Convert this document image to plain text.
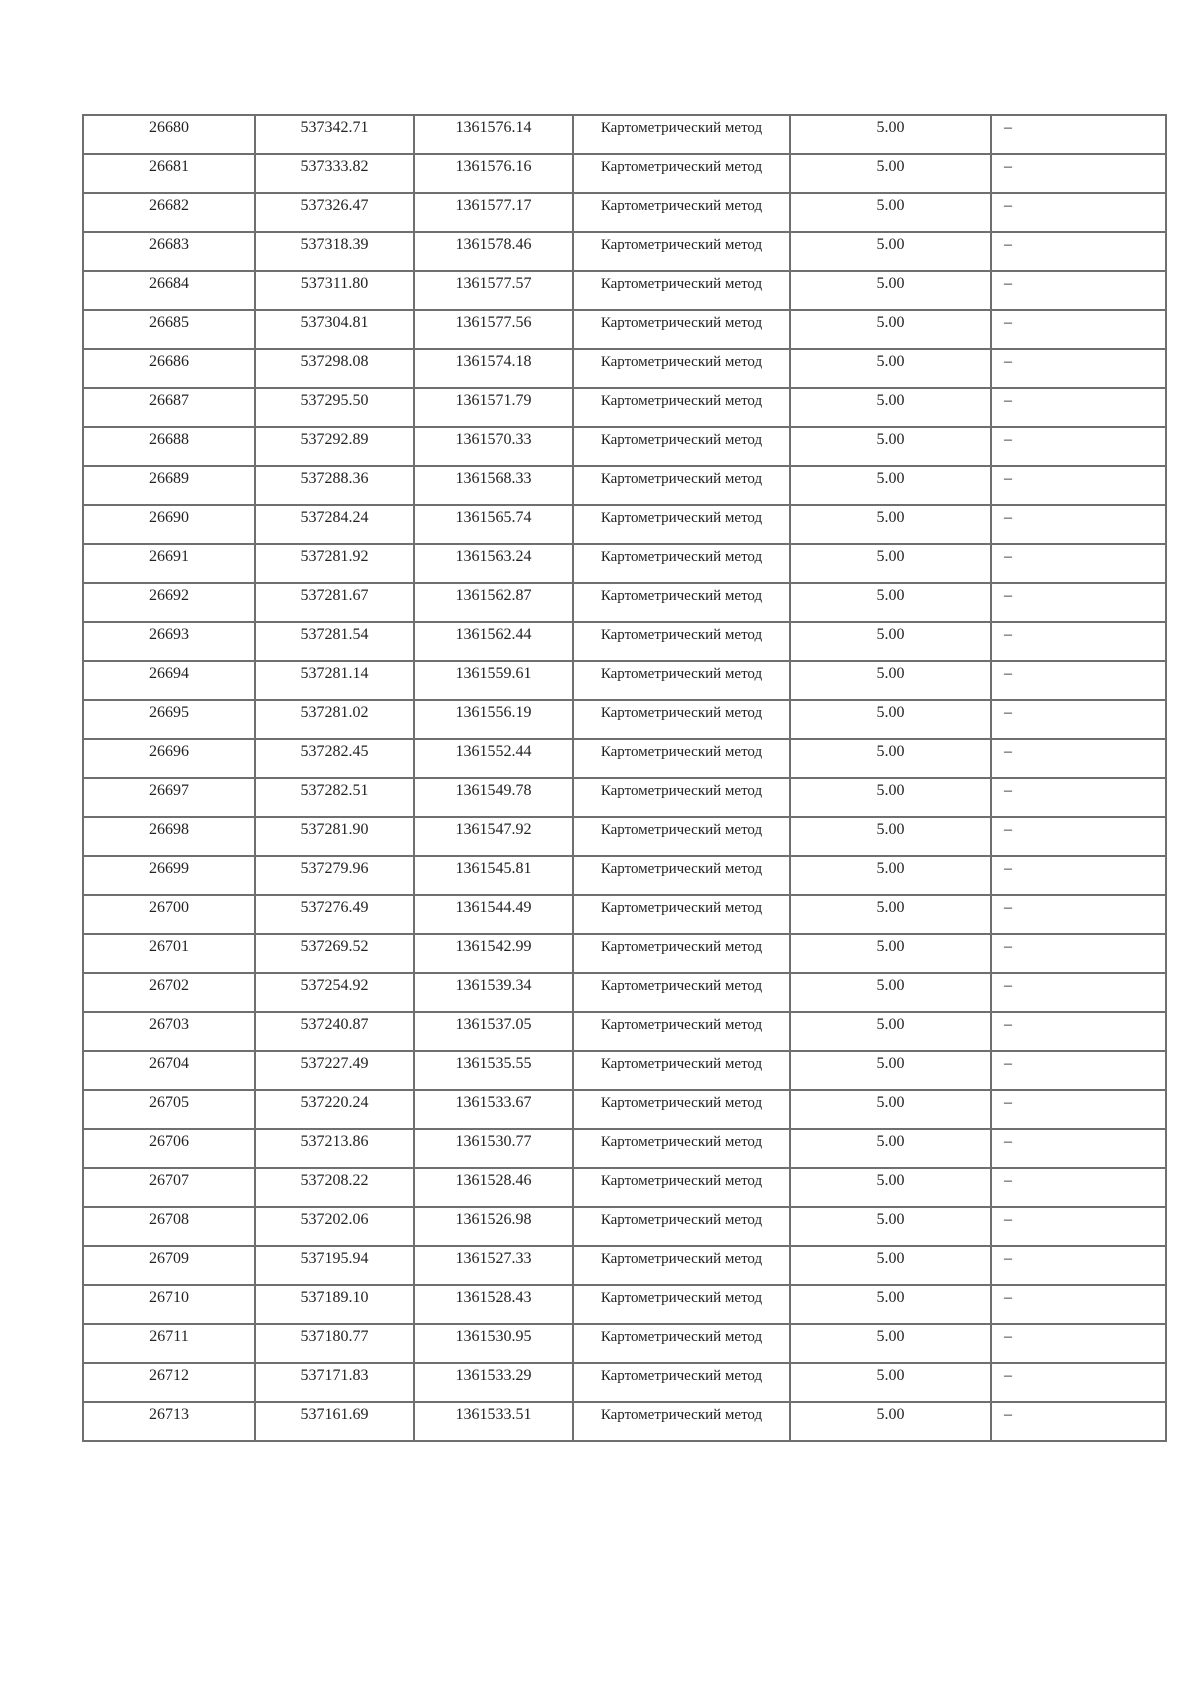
26680	537342.71	1361576.14	Картометрический метод	5.00	–
26681	537333.82	1361576.16	Картометрический метод	5.00	–
26682	537326.47	1361577.17	Картометрический метод	5.00	–
26683	537318.39	1361578.46	Картометрический метод	5.00	–
26684	537311.80	1361577.57	Картометрический метод	5.00	–
26685	537304.81	1361577.56	Картометрический метод	5.00	–
26686	537298.08	1361574.18	Картометрический метод	5.00	–
26687	537295.50	1361571.79	Картометрический метод	5.00	–
26688	537292.89	1361570.33	Картометрический метод	5.00	–
26689	537288.36	1361568.33	Картометрический метод	5.00	–
26690	537284.24	1361565.74	Картометрический метод	5.00	–
26691	537281.92	1361563.24	Картометрический метод	5.00	–
26692	537281.67	1361562.87	Картометрический метод	5.00	–
26693	537281.54	1361562.44	Картометрический метод	5.00	–
26694	537281.14	1361559.61	Картометрический метод	5.00	–
26695	537281.02	1361556.19	Картометрический метод	5.00	–
26696	537282.45	1361552.44	Картометрический метод	5.00	–
26697	537282.51	1361549.78	Картометрический метод	5.00	–
26698	537281.90	1361547.92	Картометрический метод	5.00	–
26699	537279.96	1361545.81	Картометрический метод	5.00	–
26700	537276.49	1361544.49	Картометрический метод	5.00	–
26701	537269.52	1361542.99	Картометрический метод	5.00	–
26702	537254.92	1361539.34	Картометрический метод	5.00	–
26703	537240.87	1361537.05	Картометрический метод	5.00	–
26704	537227.49	1361535.55	Картометрический метод	5.00	–
26705	537220.24	1361533.67	Картометрический метод	5.00	–
26706	537213.86	1361530.77	Картометрический метод	5.00	–
26707	537208.22	1361528.46	Картометрический метод	5.00	–
26708	537202.06	1361526.98	Картометрический метод	5.00	–
26709	537195.94	1361527.33	Картометрический метод	5.00	–
26710	537189.10	1361528.43	Картометрический метод	5.00	–
26711	537180.77	1361530.95	Картометрический метод	5.00	–
26712	537171.83	1361533.29	Картометрический метод	5.00	–
26713	537161.69	1361533.51	Картометрический метод	5.00	–
